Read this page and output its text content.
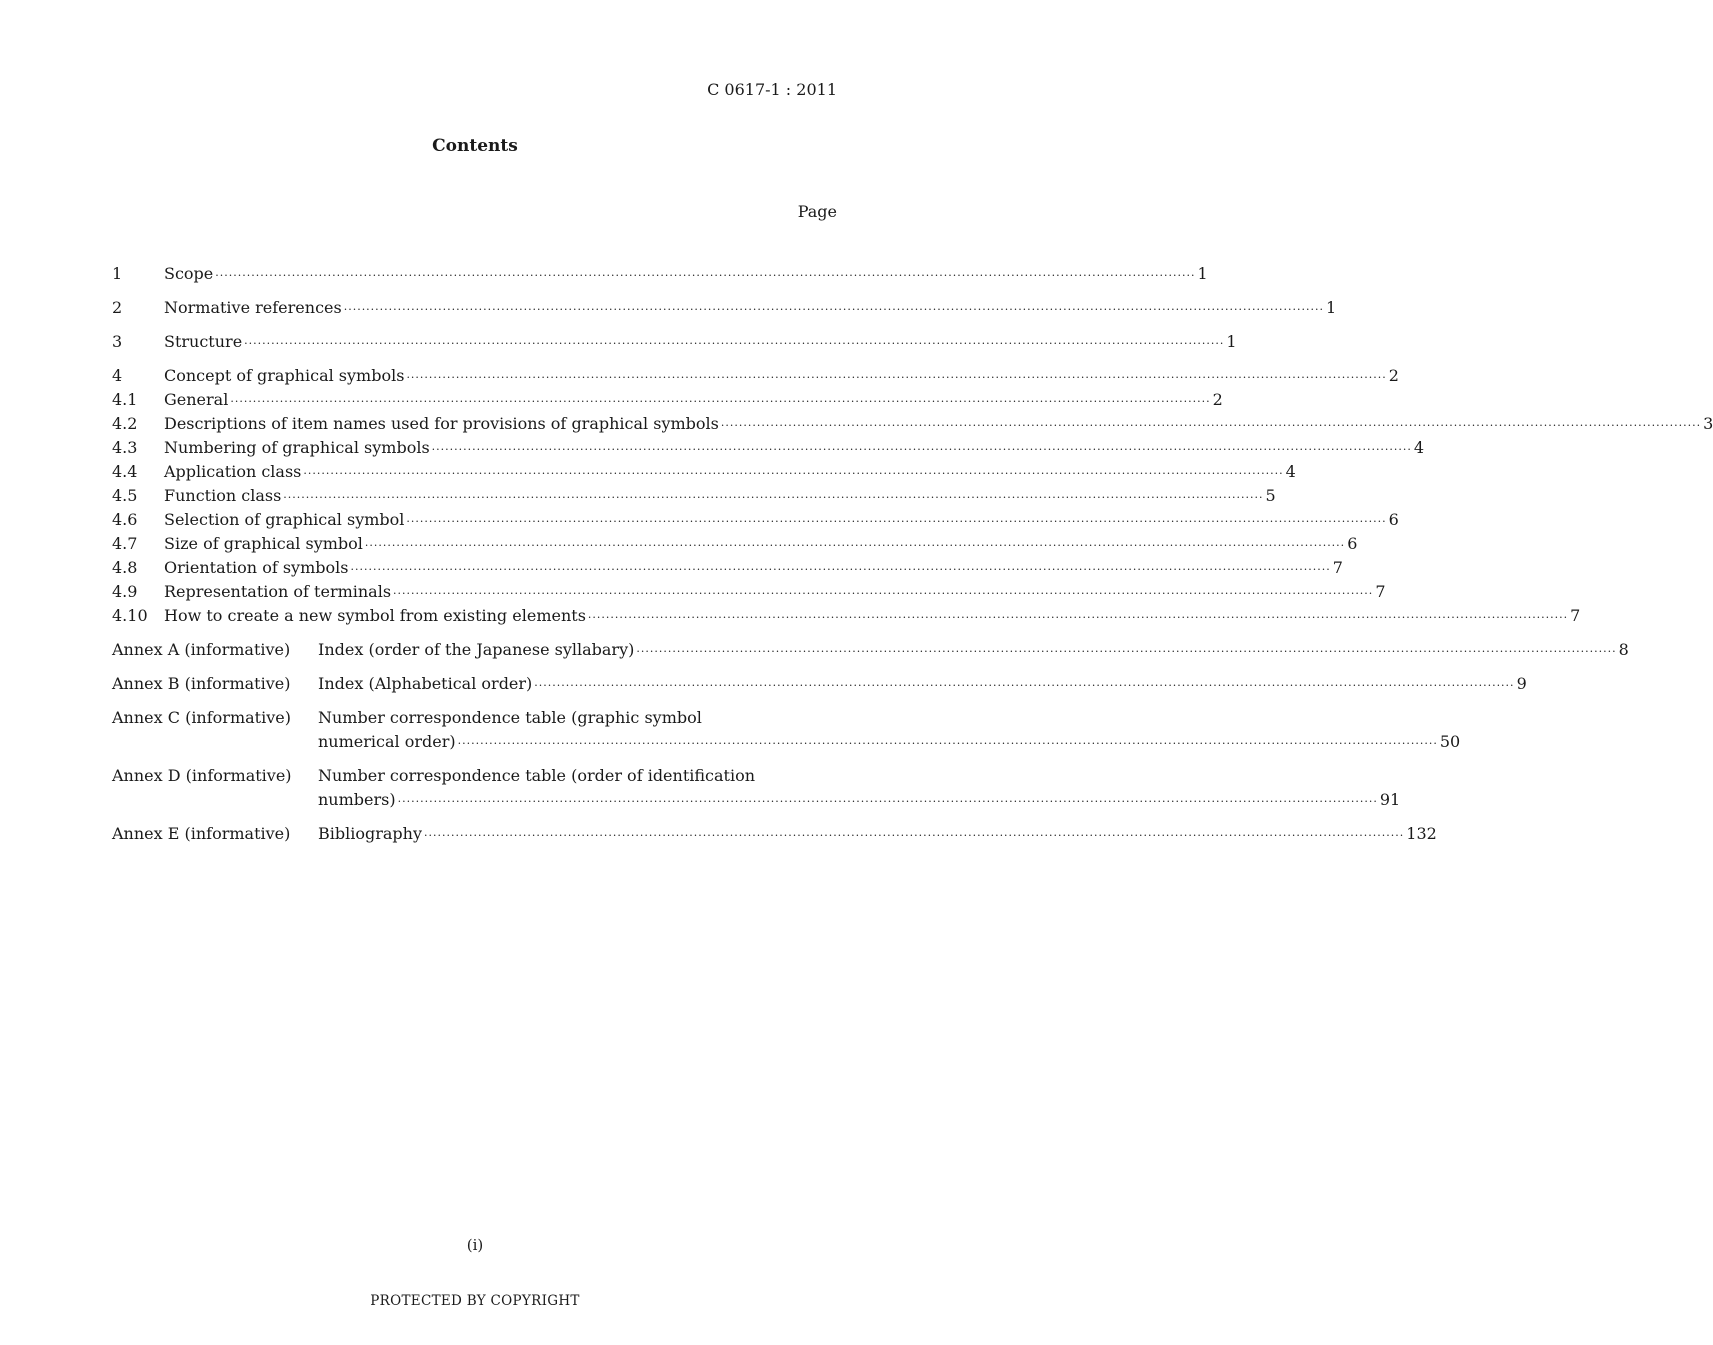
C 0617-1 : 2011
Contents
Page
1	Scope ·····	1
2	Normative references ·····	1
3	Structure ·····	1
4	Concept of graphical symbols ·····	2
4.1	General ·····	2
4.2	Descriptions of item names used for provisions of graphical symbols ·····	3
4.3	Numbering of graphical symbols ·····	4
4.4	Application class ·····	4
4.5	Function class ·····	5
4.6	Selection of graphical symbol ·····	6
4.7	Size of graphical symbol ·····	6
4.8	Orientation of symbols ·····	7
4.9	Representation of terminals ·····	7
4.10	How to create a new symbol from existing elements ·····	7
Annex A (informative)	Index (order of the Japanese syllabary) ·····	8
Annex B (informative)	Index (Alphabetical order) ·····	9
Annex C (informative)	Number correspondence table (graphic symbol
numerical order) ·····	50
Annex D (informative)	Number correspondence table (order of identification
numbers) ·····	91
Annex E (informative)	Bibliography ·····	132
(i)
PROTECTED BY COPYRIGHT
